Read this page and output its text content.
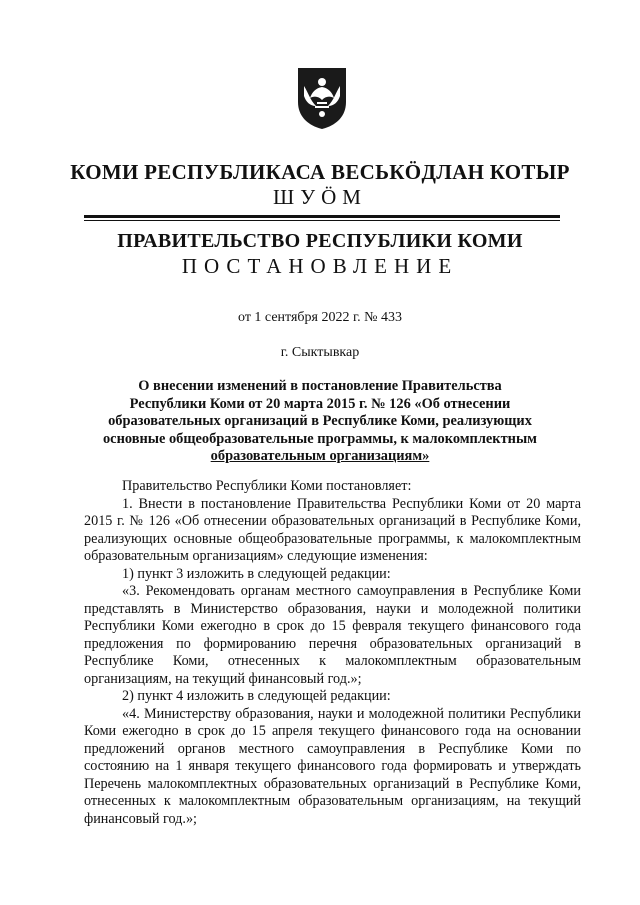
КОМИ РЕСПУБЛИКАСА ВЕСЬКÖДЛАН КОТЫР
ШУÖМ
ПРАВИТЕЛЬСТВО РЕСПУБЛИКИ КОМИ
ПОСТАНОВЛЕНИЕ
от 1 сентября 2022 г. № 433
г. Сыктывкар
О внесении изменений в постановление Правительства
Республики Коми от 20 марта 2015 г. № 126 «Об отнесении
образовательных организаций в Республике Коми, реализующих
основные общеобразовательные программы, к малокомплектным
образовательным организациям»

Правительство Республики Коми постановляет:

1. Внести в постановление Правительства Республики Коми от 20 марта 2015 г. № 126 «Об отнесении образовательных организаций в Республике Коми, реализующих основные общеобразовательные программы, к малокомплектным образовательным организациям» следующие изменения:

1) пункт 3 изложить в следующей редакции:

«3. Рекомендовать органам местного самоуправления в Республике Коми представлять в Министерство образования, науки и молодежной политики Республики Коми ежегодно в срок до 15 февраля текущего финансового года предложения по формированию перечня образовательных организаций в Республике Коми, отнесенных к малокомплектным образовательным организациям, на текущий финансовый год.»;

2) пункт 4 изложить в следующей редакции:

«4. Министерству образования, науки и молодежной политики Республики Коми ежегодно в срок до 15 апреля текущего финансового года на основании предложений органов местного самоуправления в Республике Коми по состоянию на 1 января текущего финансового года формировать и утверждать Перечень малокомплектных образовательных организаций в Республике Коми, отнесенных к малокомплектным образовательным организациям, на текущий финансовый год.»;
